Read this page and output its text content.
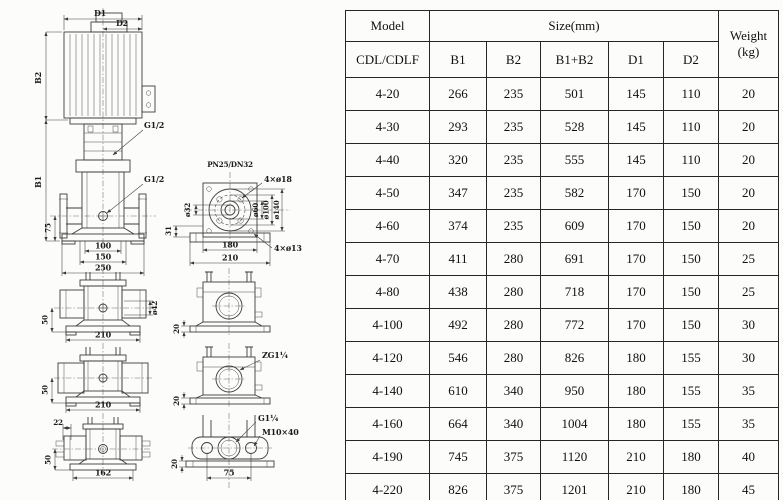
D1
D2
B2
B1
75
100
150
250
G1/2
G1/2
PN25/DN32
4×ø18
ø32	ø60 ø100 ø140
31
180
210
4×ø13
50
210
ø42
50
210
22
50
162
20
ZG1¼
20
G1¼
M10×40
20
75
Model	Size(mm)					Weight
(kg)

CDL/CDLF	B1	B2	B1+B2	D1	D2	
4-20	266	235	501	145	110	20
4-30	293	235	528	145	110	20
4-40	320	235	555	145	110	20
4-50	347	235	582	170	150	20
4-60	374	235	609	170	150	20
4-70	411	280	691	170	150	25
4-80	438	280	718	170	150	25
4-100	492	280	772	170	150	30
4-120	546	280	826	180	155	30
4-140	610	340	950	180	155	35
4-160	664	340	1004	180	155	35
4-190	745	375	1120	210	180	40
4-220	826	375	1201	210	180	45
